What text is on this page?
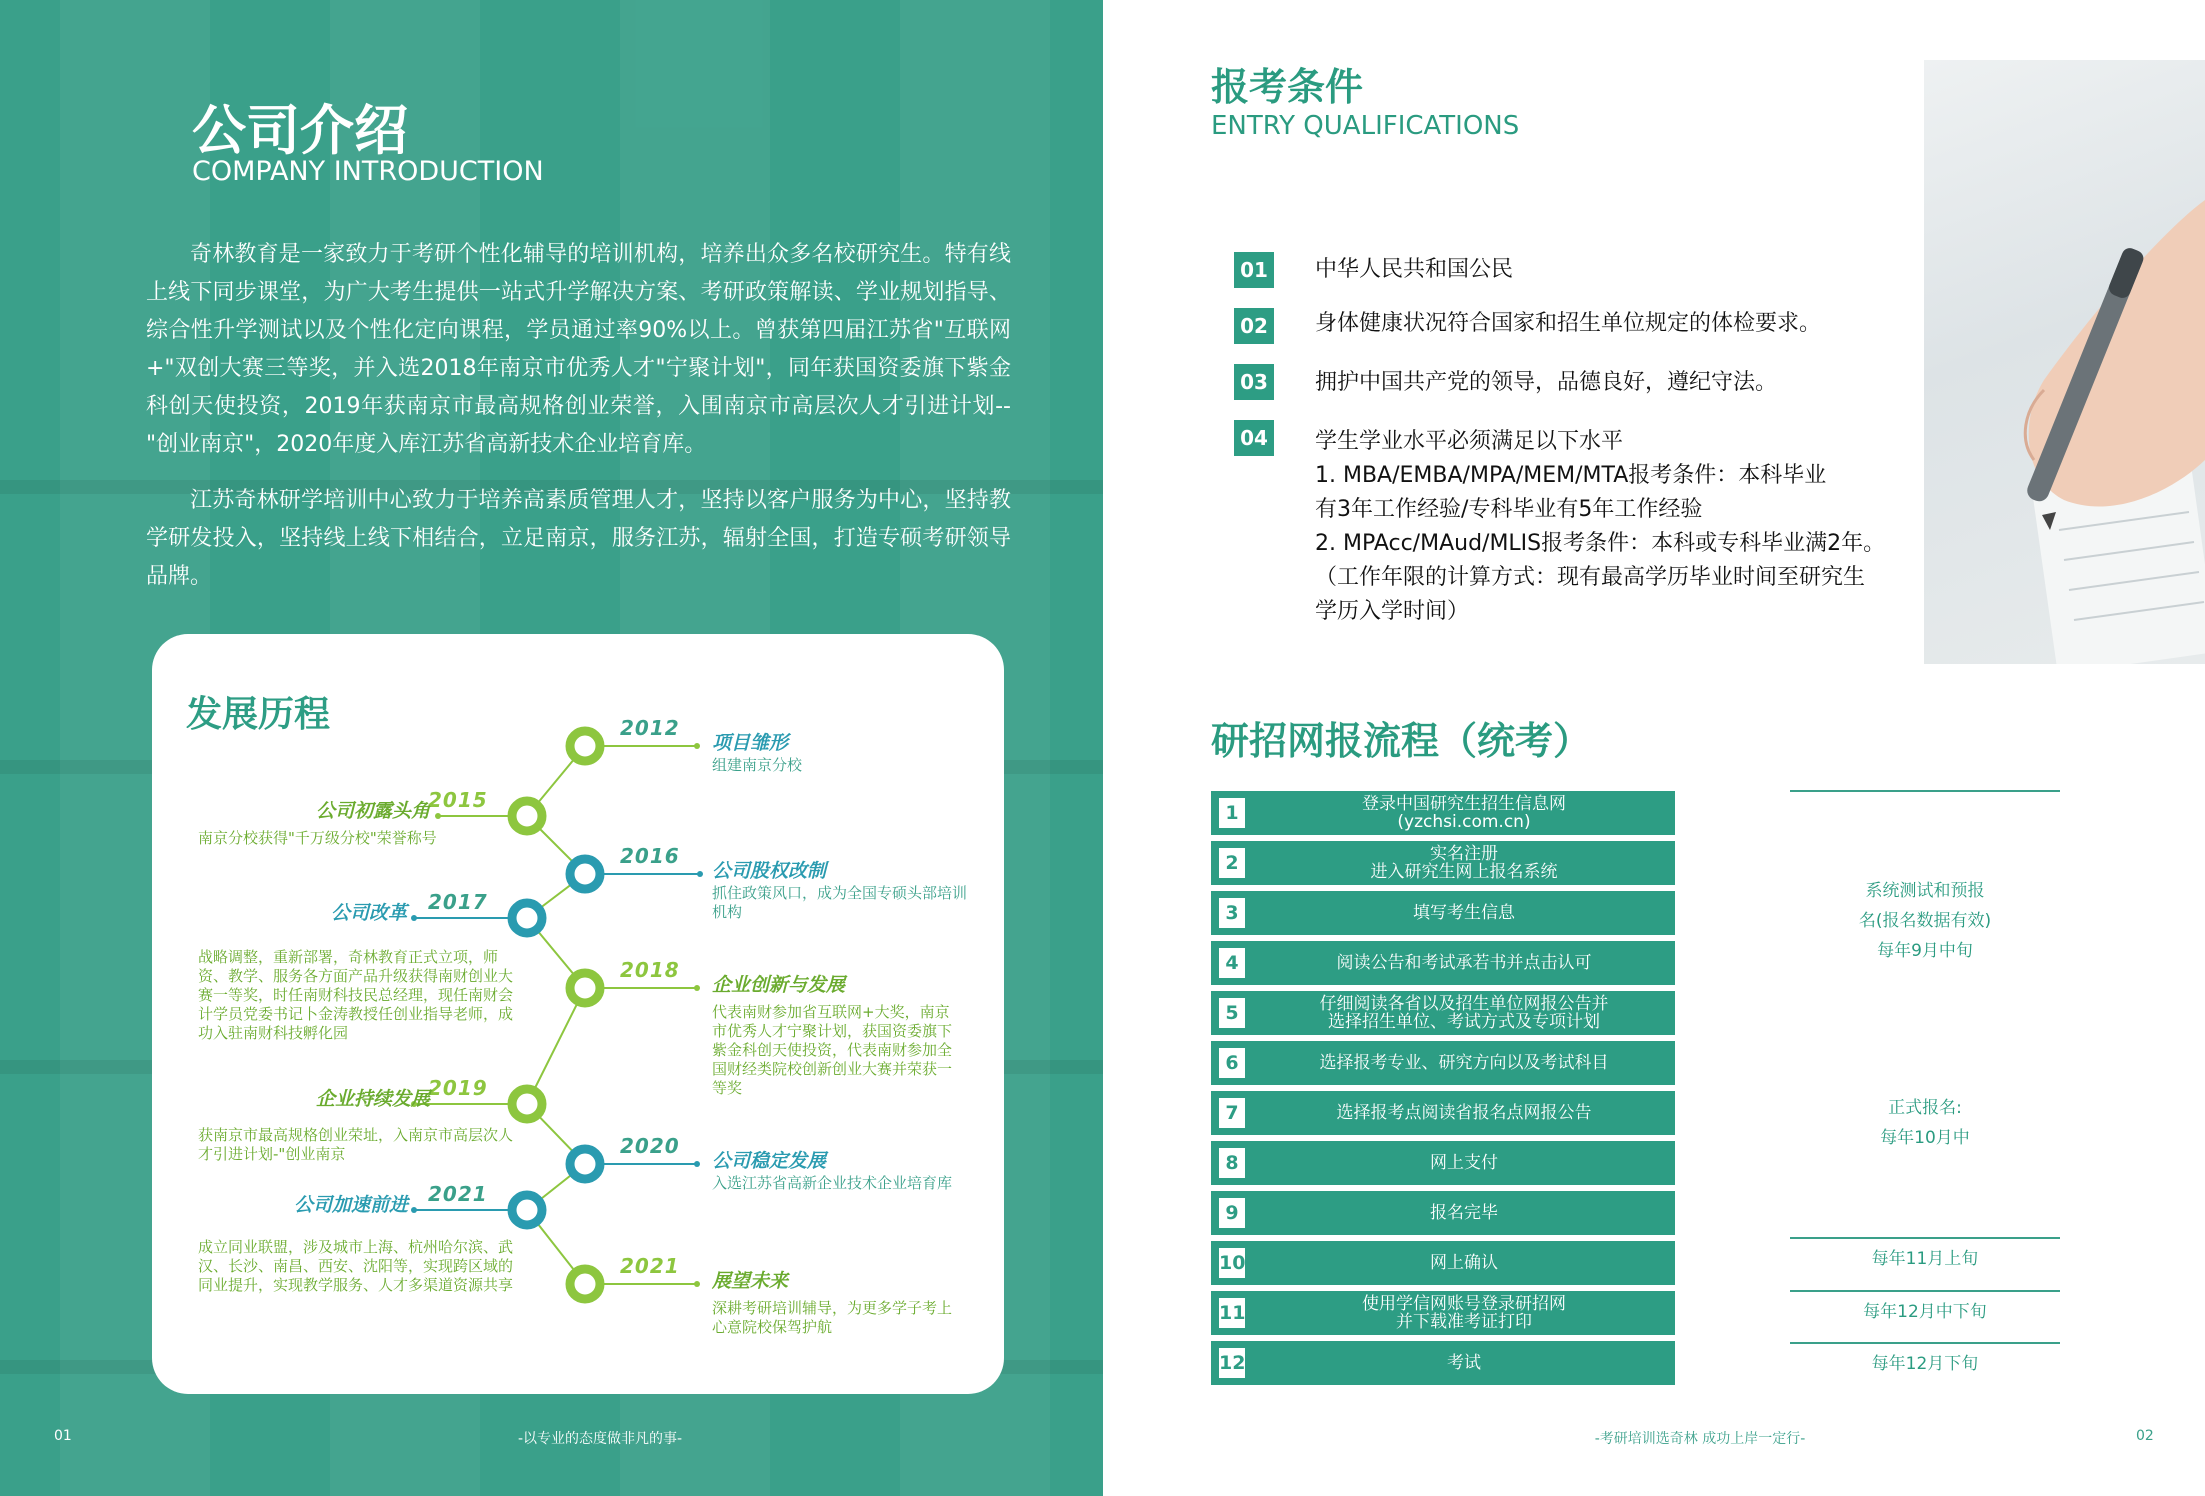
公司介绍
COMPANY INTRODUCTION

奇林教育是一家致力于考研个性化辅导的培训机构，培养出众多名校研究生。特有线上线下同步课堂，为广大考生提供一站式升学解决方案、考研政策解读、学业规划指导、综合性升学测试以及个性化定向课程，学员通过率90%以上。曾获第四届江苏省"互联网+"双创大赛三等奖，并入选2018年南京市优秀人才"宁聚计划"，同年获国资委旗下紫金科创天使投资，2019年获南京市最高规格创业荣誉，入围南京市高层次人才引进计划--"创业南京"，2020年度入库江苏省高新技术企业培育库。

江苏奇林研学培训中心致力于培养高素质管理人才，坚持以客户服务为中心，坚持教学研发投入，坚持线上线下相结合，立足南京，服务江苏，辐射全国，打造专硕考研领导品牌。

发展历程	2012
项目雏形
组建南京分校
2015
公司初露头角
南京分校获得"千万级分校"荣誉称号
2016
公司股权改制
抓住政策风口，成为全国专硕头部培训机构
2017
公司改革
战略调整，重新部署，奇林教育正式立项，师资、教学、服务各方面产品升级获得南财创业大赛一等奖，时任南财科技民总经理，现任南财会计学员党委书记卜金涛教授任创业指导老师，成功入驻南财科技孵化园
2018
企业创新与发展
代表南财参加省互联网+大奖，南京市优秀人才宁聚计划，获国资委旗下紫金科创天使投资，代表南财参加全国财经类院校创新创业大赛并荣获一等奖
2019
企业持续发展
获南京市最高规格创业荣址，入南京市高层次人才引进计划-"创业南京	2020
公司稳定发展
入选江苏省高新企业技术企业培育库
2021
公司加速前进
成立同业联盟，涉及城市上海、杭州哈尔滨、武汉、长沙、南昌、西安、沈阳等，实现跨区域的同业提升，实现教学服务、人才多渠道资源共享
2021
展望未来
深耕考研培训辅导，为更多学子考上心意院校保驾护航
01	-以专业的态度做非凡的事-
报考条件
ENTRY QUALIFICATIONS
01 中华人民共和国公民
02 身体健康状况符合国家和招生单位规定的体检要求。
03 拥护中国共产党的领导，品德良好，遵纪守法。
04 学生学业水平必须满足以下水平
1. MBA/EMBA/MPA/MEM/MTA报考条件：本科毕业
有3年工作经验/专科毕业有5年工作经验
2. MPAcc/MAud/MLIS报考条件：本科或专科毕业满2年。
（工作年限的计算方式：现有最高学历毕业时间至研究生
学历入学时间）
研招网报流程（统考）
1	登录中国研究生招生信息网
(yzchsi.com.cn)
2	实名注册
进入研究生网上报名系统
3	填写考生信息
4	阅读公告和考试承若书并点击认可
5	仔细阅读各省以及招生单位网报公告并
选择招生单位、考试方式及专项计划
6	选择报考专业、研究方向以及考试科目
7	选择报考点阅读省报名点网报公告
8	网上支付
9	报名完毕
10	网上确认
11	使用学信网账号登录研招网
并下载准考证打印
12	考试
系统测试和预报
名(报名数据有效)
每年9月中旬
正式报名:
每年10月中
每年11月上旬
每年12月中下旬
每年12月下旬
-考研培训选奇林 成功上岸一定行-	02
